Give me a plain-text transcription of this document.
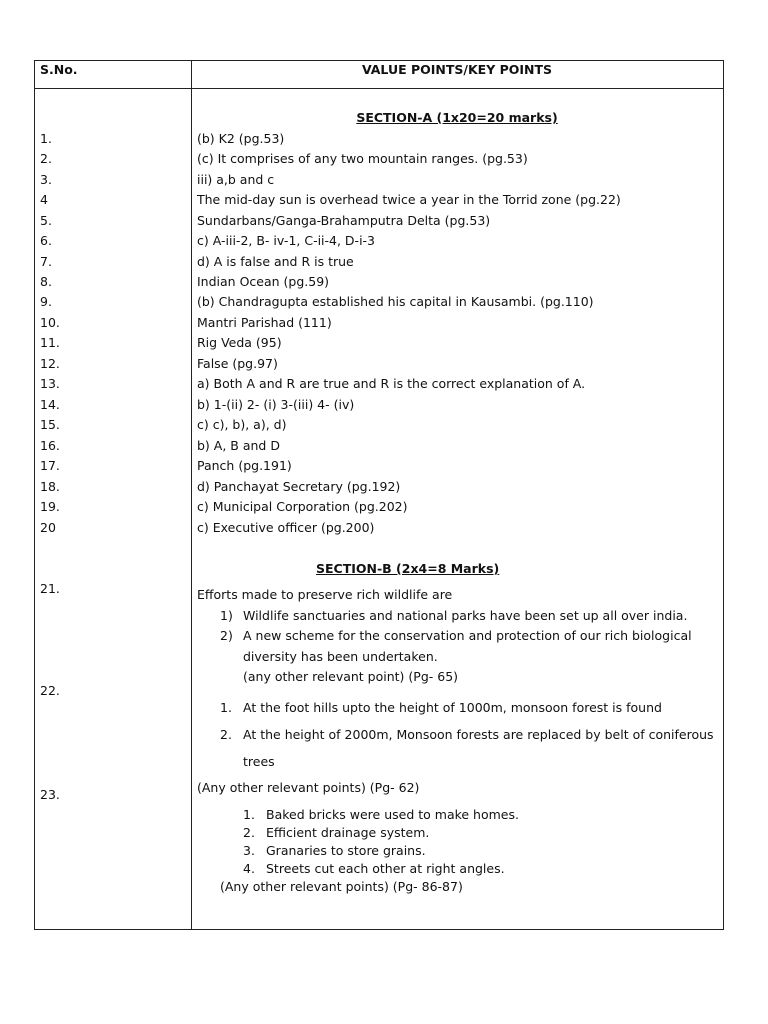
S.No.	VALUE POINTS/KEY POINTS
SECTION-A (1x20=20 marks)
1.	(b) K2 (pg.53)
2.	(c) It comprises of any two mountain ranges. (pg.53)
3.	iii) a,b and c
4	The mid-day sun is overhead twice a year in the Torrid zone (pg.22)
5.	Sundarbans/Ganga-Brahamputra Delta (pg.53)
6.	c) A-iii-2, B- iv-1, C-ii-4, D-i-3
7.	d) A is false and R is true
8.	Indian Ocean (pg.59)
9.	(b) Chandragupta established his capital in Kausambi. (pg.110)
10.	Mantri Parishad (111)
11.	Rig Veda (95)
12.	False (pg.97)
13.	a) Both A and R are true and R is the correct explanation of A.
14.	b) 1-(ii) 2- (i) 3-(iii) 4- (iv)
15.	c) c), b), a), d)
16.	b) A, B and D
17.	Panch (pg.191)
18.	d) Panchayat Secretary (pg.192)
19.	c) Municipal Corporation (pg.202)
20	c) Executive officer (pg.200)
SECTION-B (2x4=8 Marks)
21.	Efforts made to preserve rich wildlife are
1) Wildlife sanctuaries and national parks have been set up all over india.
2) A new scheme for the conservation and protection of our rich biological
diversity has been undertaken.
(any other relevant point) (Pg- 65)
22.
1. At the foot hills upto the height of 1000m, monsoon forest is found
2. At the height of 2000m, Monsoon forests are replaced by belt of coniferous
trees
(Any other relevant points) (Pg- 62)
23.
1. Baked bricks were used to make homes.
2. Efficient drainage system.
3. Granaries to store grains.
4. Streets cut each other at right angles.
(Any other relevant points) (Pg- 86-87)
